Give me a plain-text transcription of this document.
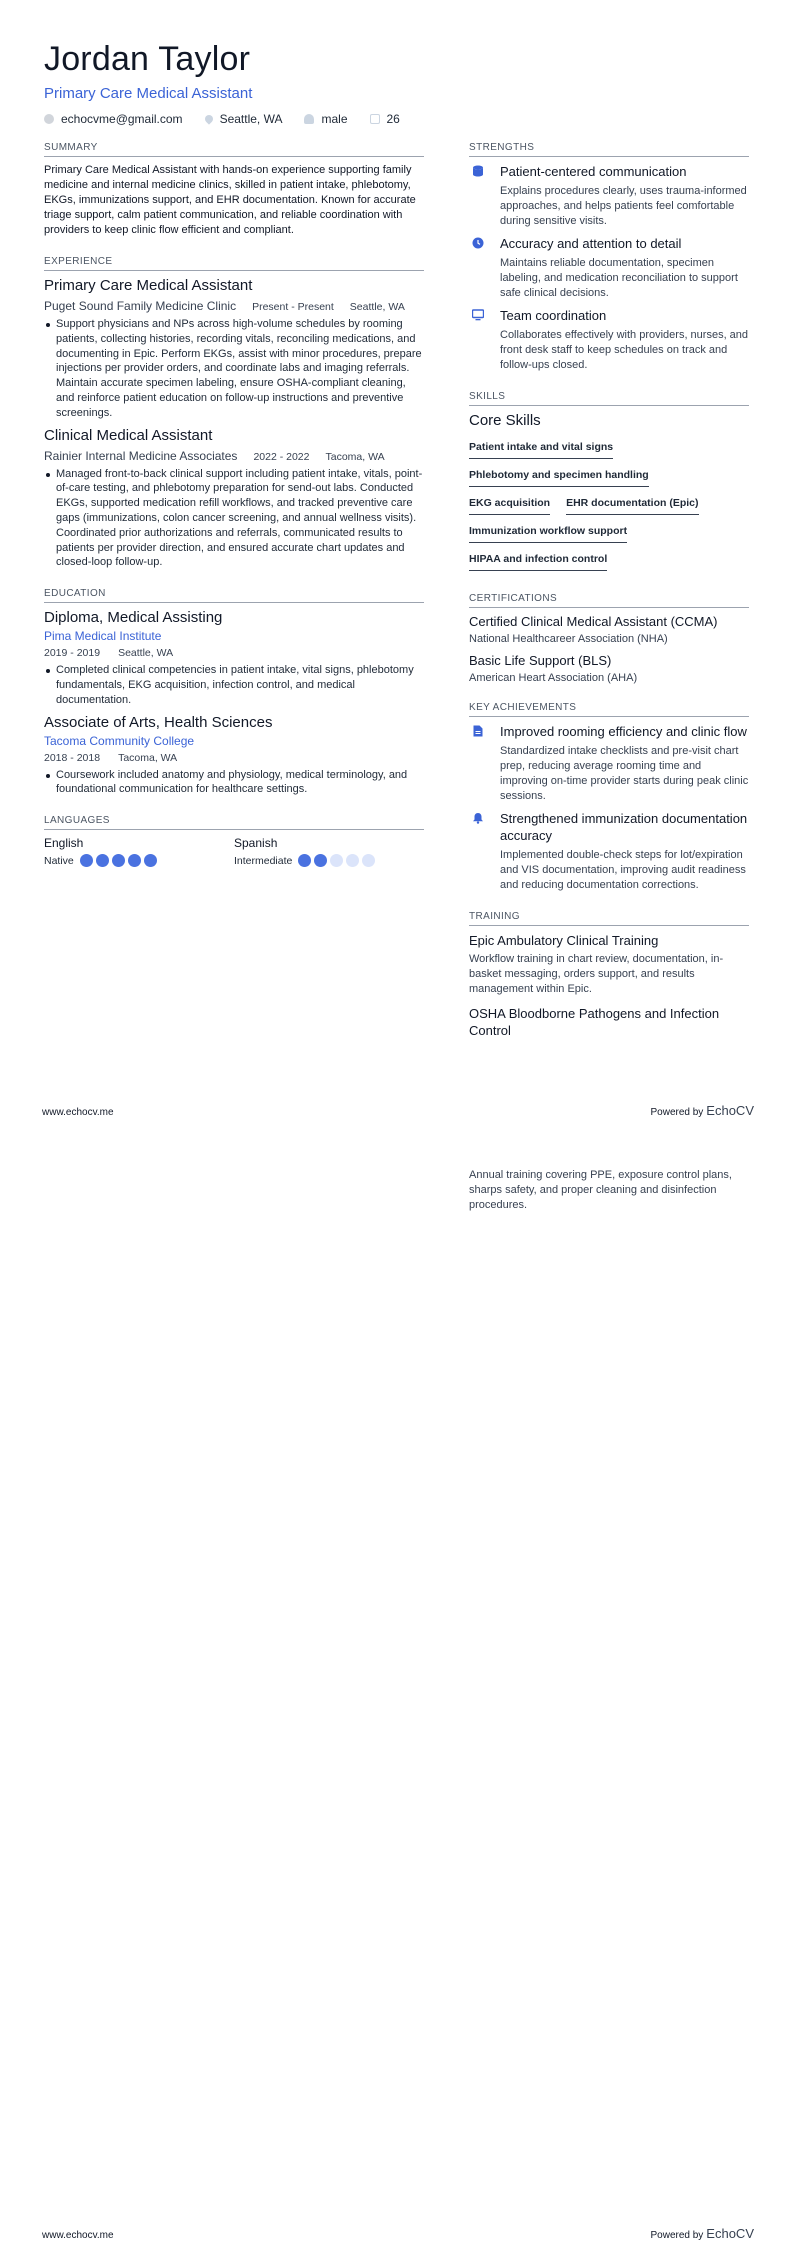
Jordan Taylor
Primary Care Medical Assistant
echocvme@gmail.com	Seattle, WA	male	26
SUMMARY
Primary Care Medical Assistant with hands-on experience supporting family medicine and internal medicine clinics, skilled in patient intake, phlebotomy, EKGs, immunizations support, and EHR documentation. Known for accurate triage support, calm patient communication, and reliable coordination with providers to keep clinic flow efficient and compliant.
EXPERIENCE
Primary Care Medical Assistant
Puget Sound Family Medicine Clinic Present - Present Seattle, WA
Support physicians and NPs across high-volume schedules by rooming patients, collecting histories, recording vitals, reconciling medications, and documenting in Epic. Perform EKGs, assist with minor procedures, prepare injections per provider orders, and coordinate labs and imaging referrals. Maintain accurate specimen labeling, ensure OSHA-compliant cleaning, and reinforce patient education on follow-up instructions and preventive screenings.
Clinical Medical Assistant
Rainier Internal Medicine Associates 2022 - 2022 Tacoma, WA
Managed front-to-back clinical support including patient intake, vitals, point-of-care testing, and phlebotomy preparation for send-out labs. Conducted EKGs, supported medication refill workflows, and tracked preventive care gaps (immunizations, colon cancer screening, and annual wellness visits). Coordinated prior authorizations and referrals, communicated results to patients per provider direction, and ensured accurate chart updates and closed-loop follow-up.
EDUCATION
Diploma, Medical Assisting
Pima Medical Institute
2019 - 2019 Seattle, WA
Completed clinical competencies in patient intake, vital signs, phlebotomy fundamentals, EKG acquisition, infection control, and medical documentation.
Associate of Arts, Health Sciences
Tacoma Community College
2018 - 2018 Tacoma, WA
Coursework included anatomy and physiology, medical terminology, and foundational communication for healthcare settings.
LANGUAGES
English
Native
Spanish
Intermediate
STRENGTHS
Patient-centered communication
Explains procedures clearly, uses trauma-informed approaches, and helps patients feel comfortable during sensitive visits.
Accuracy and attention to detail
Maintains reliable documentation, specimen labeling, and medication reconciliation to support safe clinical decisions.
Team coordination
Collaborates effectively with providers, nurses, and front desk staff to keep schedules on track and follow-ups closed.
SKILLS
Core Skills
Patient intake and vital signs
Phlebotomy and specimen handling
EKG acquisition EHR documentation (Epic)
Immunization workflow support
HIPAA and infection control
CERTIFICATIONS
Certified Clinical Medical Assistant (CCMA)
National Healthcareer Association (NHA)
Basic Life Support (BLS)
American Heart Association (AHA)
KEY ACHIEVEMENTS
Improved rooming efficiency and clinic flow
Standardized intake checklists and pre-visit chart prep, reducing average rooming time and improving on-time provider starts during peak clinic sessions.
Strengthened immunization documentation accuracy
Implemented double-check steps for lot/expiration and VIS documentation, improving audit readiness and reducing documentation corrections.
TRAINING
Epic Ambulatory Clinical Training
Workflow training in chart review, documentation, in-basket messaging, orders support, and results management within Epic.
OSHA Bloodborne Pathogens and Infection Control
www.echocv.me	Powered by EchoCV
Annual training covering PPE, exposure control plans, sharps safety, and proper cleaning and disinfection procedures.
www.echocv.me	Powered by EchoCV
